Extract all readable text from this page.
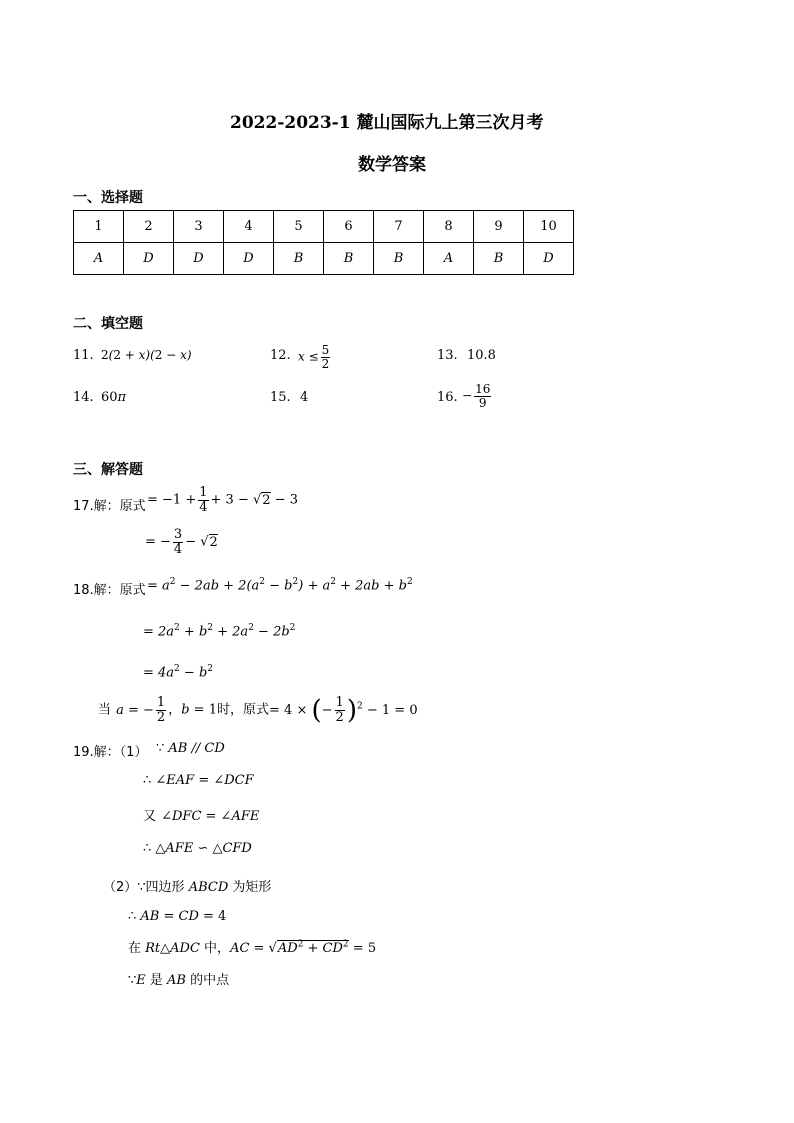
2022-2023-1 麓山国际九上第三次月考
数学答案
一、选择题
1	2	3	4	5	6	7	8	9	10
A	D	D	D	B	B	B	A	B	D
二、填空题
11. 2(2 + x)(2 − x)	12. $x \le \frac{5}{2}$	13. 10.8
14. 60π	15. 4	16. − $\frac{16}{9}$
三、解答题
17.解：原式 = $-1 + \frac{1}{4} + 3 - √2 - 3$
= − $\frac{3}{4} - √2$
18.解：原式 = $a^2 - 2ab + 2(a^2 - b^2) + a^2 + 2ab + b^2$
= $2a^2 + b^2 + 2a^2 - 2b^2$
= $4a^2 - b^2$
当 a = − $\frac{1}{2}$ ，b = 1时，原式= 4 × (− $\frac{1}{2} )^2 - 1 = 0$
19.解：（1） ∵ AB // CD
∴ ∠EAF = ∠DCF
又 ∠DFC = ∠AFE
∴ △AFE ∽ △CFD
（2）∵四边形 ABCD 为矩形
∴ AB = CD = 4
在 Rt△ADC 中，AC = $√AD^2 + CD^2 = 5$
∵E 是 AB 的中点
